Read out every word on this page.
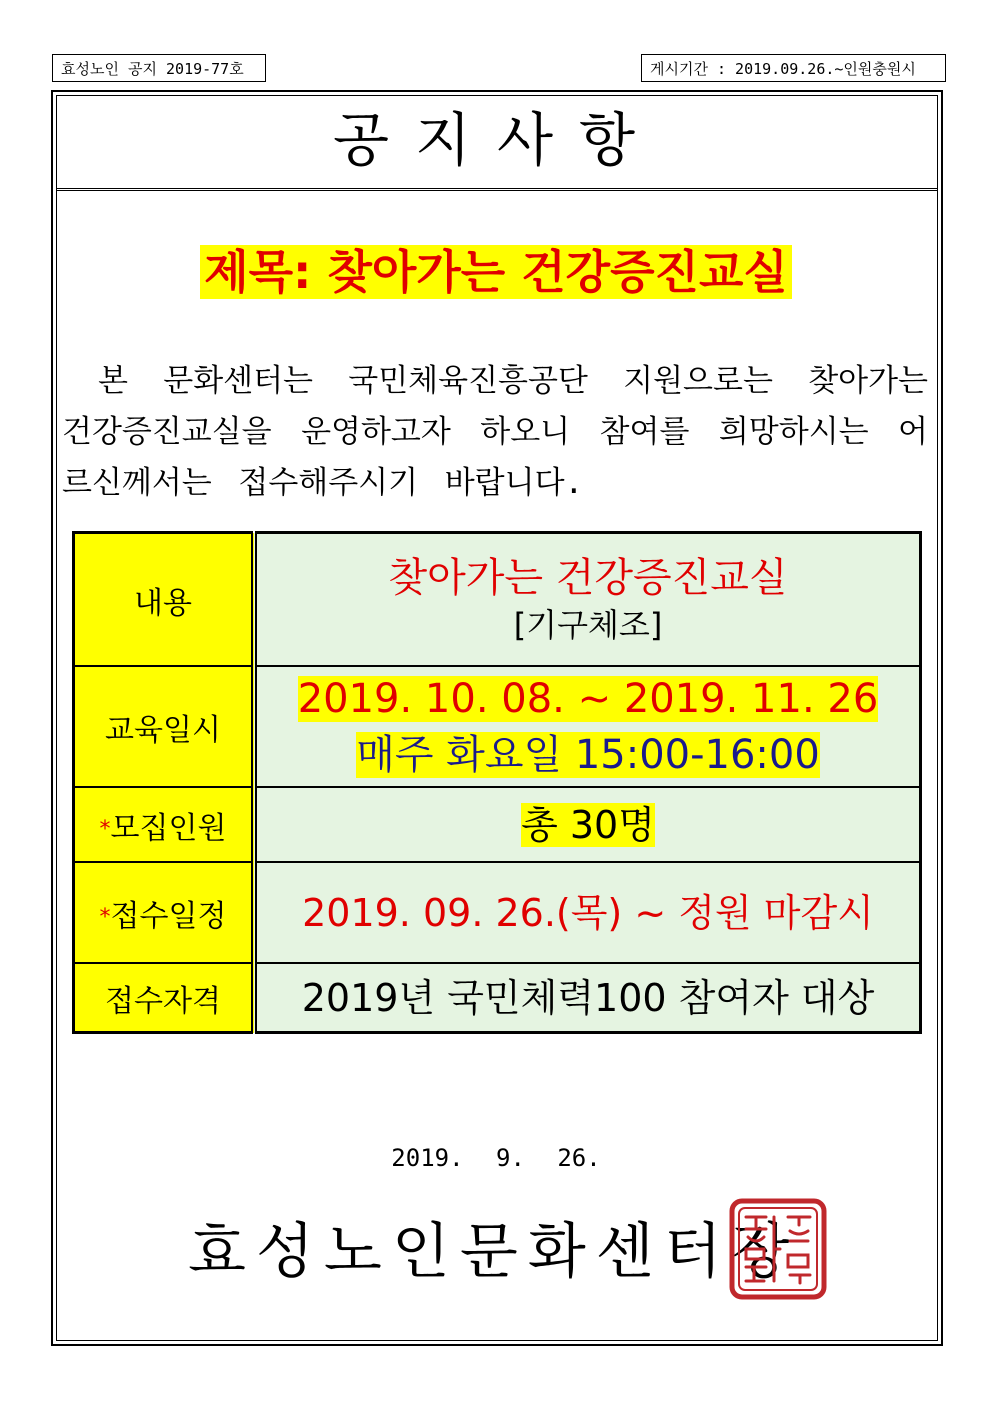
효성노인 공지 2019-77호	게시기간 : 2019.09.26.~인원충원시
공지사항
제목: 찾아가는 건강증진교실
본 문화센터는 국민체육진흥공단 지원으로는 찾아가는 건강증진교실을 운영하고자 하오니 참여를 희망하시는 어르신께서는 접수해주시기 바랍니다.
내용	찾아가는 건강증진교실
[기구체조]

교육일시	2019. 10. 08. ~ 2019. 11. 26
매주 화요일 15:00-16:00

*모집인원	총 30명
*접수일정	2019. 09. 26.(목) ~ 정원 마감시
접수자격	2019년 국민체력100 참여자 대상
2019. 9. 26.
효성노인문화센터장
